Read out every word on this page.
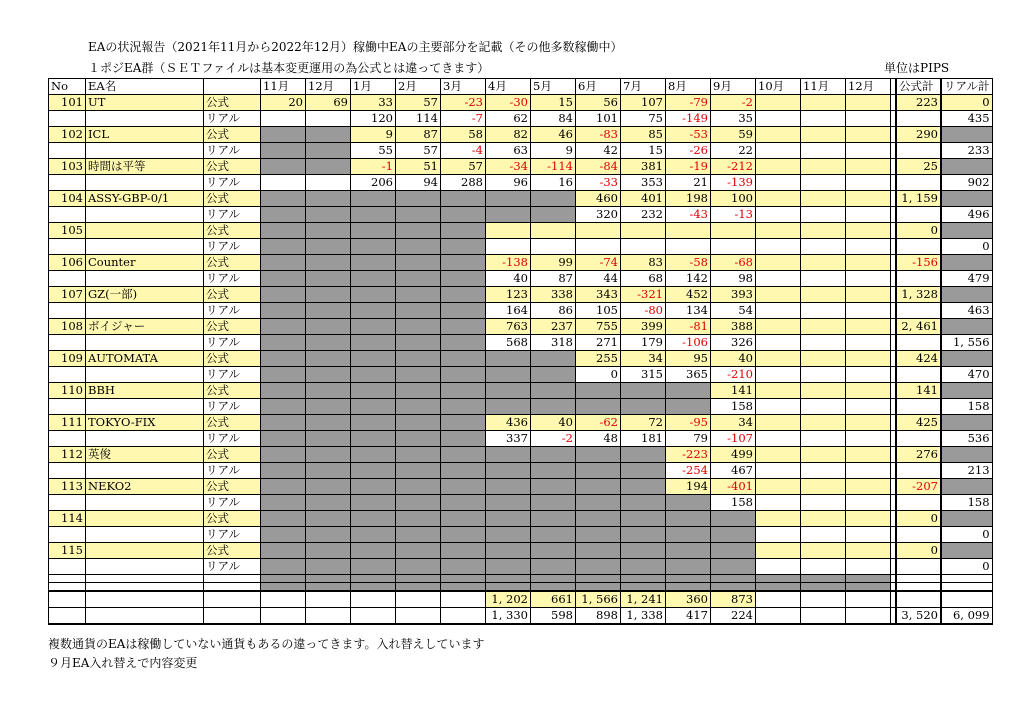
EAの状況報告（2021年11月から2022年12月）稼働中EAの主要部分を記載（その他多数稼働中）
１ポジEA群（ＳＥＴファイルは基本変更運用の為公式とは違ってきます）	単位はPIPS
No	EA名		11月	12月	1月	2月	3月	4月	5月	6月	7月	8月	9月	10月	11月	12月		公式計	リアル計
101	UT	公式	20	69	33	57	-23	-30	15	56	107	-79	-2					223	0
		リアル			120	114	-7	62	84	101	75	-149	35						435
102	ICL	公式			9	87	58	82	46	-83	85	-53	59					290	
		リアル			55	57	-4	63	9	42	15	-26	22						233
103	時間は平等	公式			-1	51	57	-34	-114	-84	381	-19	-212					25	
		リアル			206	94	288	96	16	-33	353	21	-139						902
104	ASSY-GBP-0/1	公式								460	401	198	100					1, 159	
		リアル								320	232	-43	-13						496
105		公式																0	
		リアル																	0
106	Counter	公式						-138	99	-74	83	-58	-68					-156	
		リアル						40	87	44	68	142	98						479
107	GZ(一部)	公式						123	338	343	-321	452	393					1, 328	
		リアル						164	86	105	-80	134	54						463
108	ボイジャー	公式						763	237	755	399	-81	388					2, 461	
		リアル						568	318	271	179	-106	326						1, 556
109	AUTOMATA	公式								255	34	95	40					424	
		リアル								0	315	365	-210						470
110	BBH	公式											141					141	
		リアル											158						158
111	TOKYO-FIX	公式						436	40	-62	72	-95	34					425	
		リアル						337	-2	48	181	79	-107						536
112	英俊	公式										-223	499					276	
		リアル										-254	467						213
113	NEKO2	公式										194	-401					-207	
		リアル											158						158
114		公式																0	
		リアル																	0
115		公式																0	
		リアル																	0

								1, 202	661	1, 566	1, 241	360	873						
								1, 330	598	898	1, 338	417	224					3, 520	6, 099
複数通貨のEAは稼働していない通貨もあるの違ってきます。入れ替えしています
９月EA入れ替えで内容変更
